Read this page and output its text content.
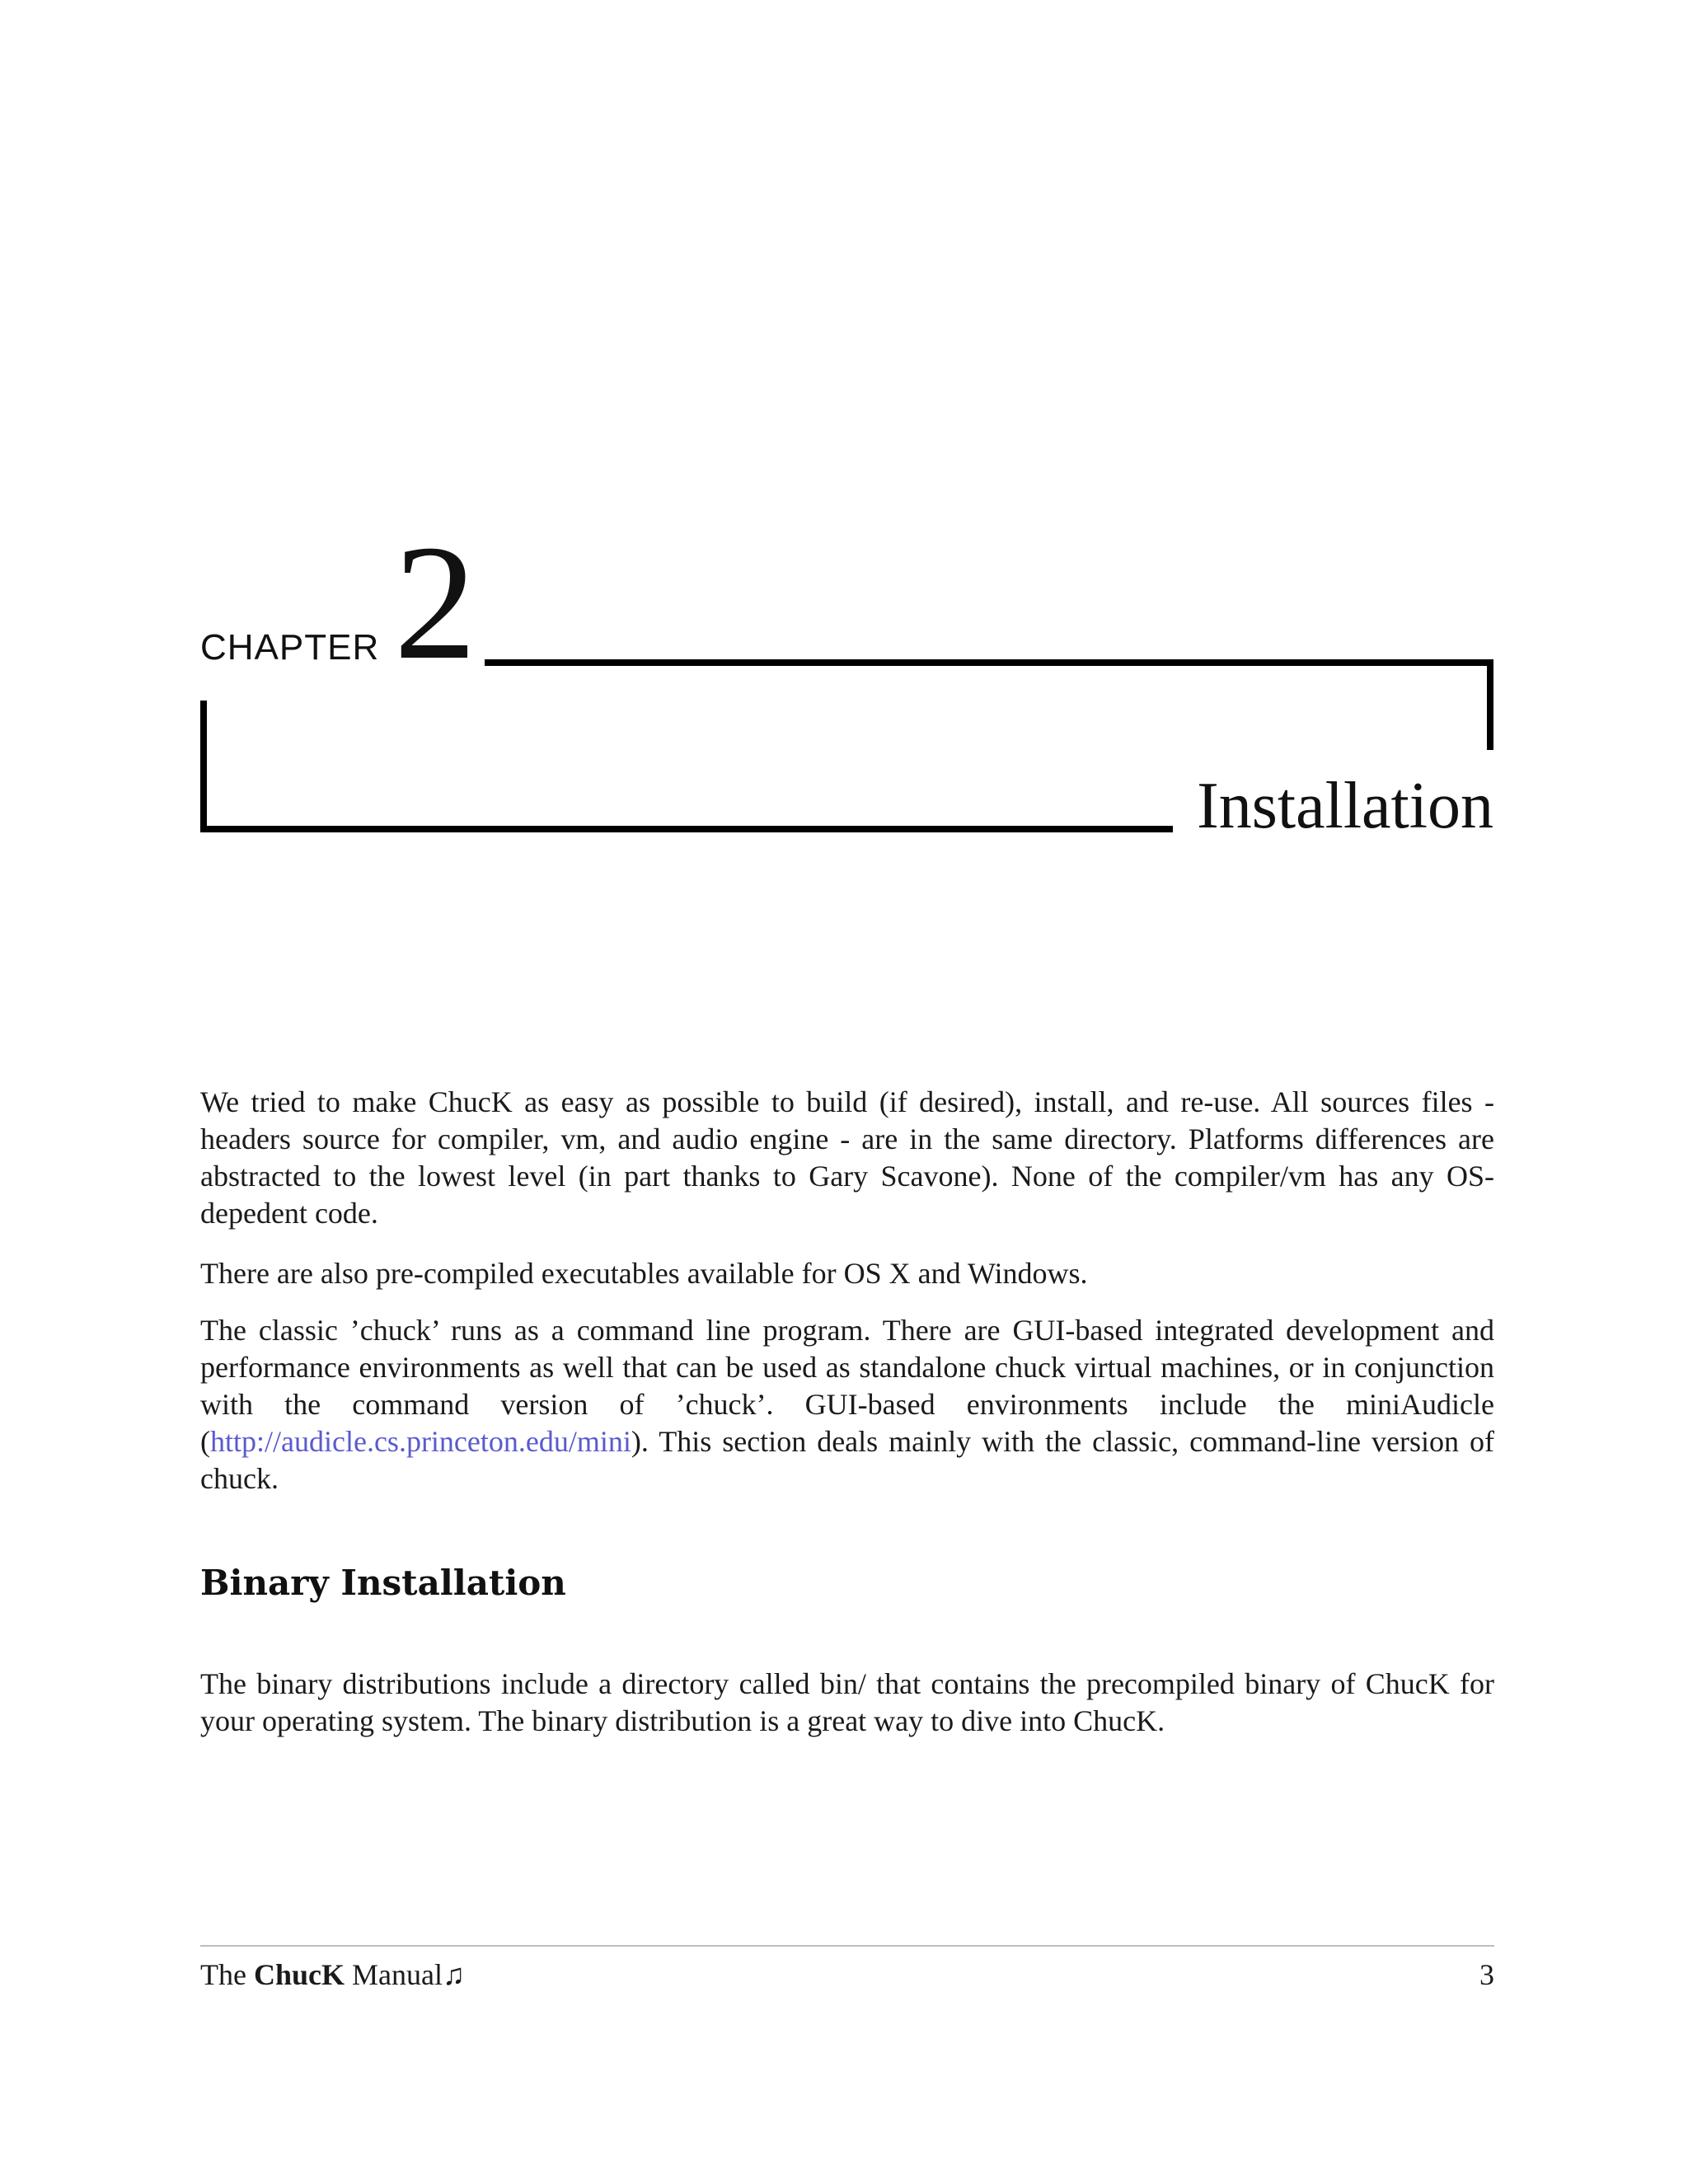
CHAPTER 2
Installation

We tried to make ChucK as easy as possible to build (if desired), install, and re-use. All sources files - headers source for compiler, vm, and audio engine - are in the same directory. Platforms differences are abstracted to the lowest level (in part thanks to Gary Scavone). None of the compiler/vm has any OS-depedent code.

There are also pre-compiled executables available for OS X and Windows.

The classic ’chuck’ runs as a command line program. There are GUI-based integrated development and performance environments as well that can be used as standalone chuck virtual machines, or in conjunction with the command version of ’chuck’. GUI-based environments include the miniAudicle (http://audicle.cs.princeton.edu/mini). This section deals mainly with the classic, command-line version of chuck.

Binary Installation

The binary distributions include a directory called bin/ that contains the precompiled binary of ChucK for your operating system. The binary distribution is a great way to dive into ChucK.

The ChucK Manual♫	3
